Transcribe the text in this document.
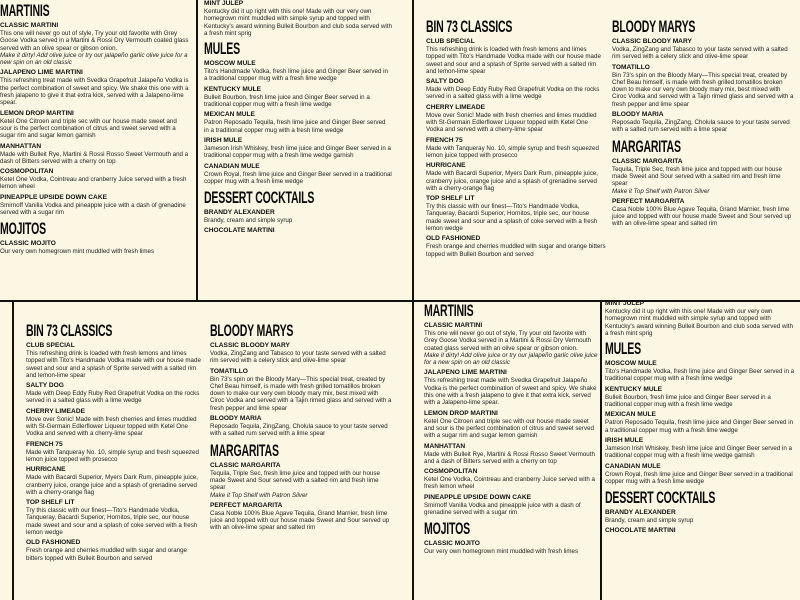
MARTINIS
CLASSIC MARTINI
This one will never go out of style, Try your old favorite with Grey Goose Vodka served in a Martini & Rossi Dry Vermouth coated glass served with an olive spear or gibson onion.
Make it dirty! Add olive juice or try our jalapeño garlic olive juice for a new spin on an old classic
JALAPENO LIME MARTINI
This refreshing treat made with Svedka Grapefruit Jalapeño Vodka is the perfect combination of sweet and spicy. We shake this one with a fresh jalapeno to give it that extra kick, served with a Jalapeno-lime spear.
LEMON DROP MARTINI
Ketel One Citroen and triple sec with our house made sweet and sour is the perfect combination of citrus and sweet served with a sugar rim and sugar lemon garnish
MANHATTAN
Made with Bulleit Rye, Martini & Rossi Rosso Sweet Vermouth and a dash of Bitters served with a cherry on top
COSMOPOLITAN
Ketel One Vodka, Cointreau and cranberry Juice served with a fresh lemon wheel
PINEAPPLE UPSIDE DOWN CAKE
Smirnoff Vanilla Vodka and pineapple juice with a dash of grenadine served with a sugar rim
MOJITOS
CLASSIC MOJITO
Our very own homegrown mint muddled with fresh limes
MINT JULEP
Kentucky did it up right with this one! Made with our very own homegrown mint muddled with simple syrup and topped with Kentucky's award winning Bulleit Bourbon and club soda served with a fresh mint sprig
MULES
MOSCOW MULE
Tito's Handmade Vodka, fresh lime juice and Ginger Beer served in a traditional copper mug with a fresh lime wedge
KENTUCKY MULE
Bulleit Bourbon, fresh lime juice and Ginger Beer served in a traditional copper mug with a fresh lime wedge
MEXICAN MULE
Patron Reposado Tequila, fresh lime juice and Ginger Beer served in a traditional copper mug with a fresh lime wedge
IRISH MULE
Jameson Irish Whiskey, fresh lime juice and Ginger Beer served in a traditional copper mug with a fresh lime wedge garnish
CANADIAN MULE
Crown Royal, fresh lime juice and Ginger Beer served in a traditional copper mug with a fresh lime wedge
DESSERT COCKTAILS
BRANDY ALEXANDER
Brandy, cream and simple syrup
CHOCOLATE MARTINI
BIN 73 CLASSICS
CLUB SPECIAL
This refreshing drink is loaded with fresh lemons and limes topped with Tito's Handmade Vodka made with our house made sweet and sour and a splash of Sprite served with a salted rim and lemon-lime spear
SALTY DOG
Made with Deep Eddy Ruby Red Grapefruit Vodka on the rocks served in a salted glass with a lime wedge
CHERRY LIMEADE
Move over Sonic! Made with fresh cherries and limes muddled with St-Germain Edlerflower Liqueur topped with Ketel One Vodka and served with a cherry-lime spear
FRENCH 75
Made with Tanqueray No. 10, simple syrup and fresh squeezed lemon juice topped with prosecco
HURRICANE
Made with Bacardi Superior, Myers Dark Rum, pineapple juice, cranberry juice, orange juice and a splash of grenadine served with a cherry-orange flag
TOP SHELF LIT
Try this classic with our finest—Tito's Handmade Vodka, Tanqueray, Bacardi Superior, Hornitos, triple sec, our house made sweet and sour and a splash of coke served with a fresh lemon wedge
OLD FASHIONED
Fresh orange and cherries muddled with sugar and orange bitters topped with Bulleit Bourbon and served
BLOODY MARYS
CLASSIC BLOODY MARY
Vodka, ZingZang and Tabasco to your taste served with a salted rim served with a celery stick and olive-lime spear
TOMATILLO
Bin 73's spin on the Bloody Mary—This special treat, created by Chef Beau himself, is made with fresh grilled tomatillos broken down to make our very own bloody mary mix, best mixed with Ciroc Vodka and served with a Tajin rimed glass and served with a fresh pepper and lime spear
BLOODY MARIA
Reposado Tequila, ZingZang, Cholula sauce to your taste served with a salted rum served with a lime spear
MARGARITAS
CLASSIC MARGARITA
Tequila, Triple Sec, fresh lime juice and topped with our house made Sweet and Sour served with a salted rim and fresh lime spear
Make it Top Shelf with Patron Silver
PERFECT MARGARITA
Casa Noble 100% Blue Agave Tequila, Grand Marnier, fresh lime juice and topped with our house made Sweet and Sour served up with an olive-lime spear and salted rim
BIN 73 CLASSICS
CLUB SPECIAL
This refreshing drink is loaded with fresh lemons and limes topped with Tito's Handmade Vodka made with our house made sweet and sour and a splash of Sprite served with a salted rim and lemon-lime spear
SALTY DOG
Made with Deep Eddy Ruby Red Grapefruit Vodka on the rocks served in a salted glass with a lime wedge
CHERRY LIMEADE
Move over Sonic! Made with fresh cherries and limes muddled with St-Germain Edlerflower Liqueur topped with Ketel One Vodka and served with a cherry-lime spear
FRENCH 75
Made with Tanqueray No. 10, simple syrup and fresh squeezed lemon juice topped with prosecco
HURRICANE
Made with Bacardi Superior, Myers Dark Rum, pineapple juice, cranberry juice, orange juice and a splash of grenadine served with a cherry-orange flag
TOP SHELF LIT
Try this classic with our finest—Tito's Handmade Vodka, Tanqueray, Bacardi Superior, Hornitos, triple sec, our house made sweet and sour and a splash of coke served with a fresh lemon wedge
OLD FASHIONED
Fresh orange and cherries muddled with sugar and orange bitters topped with Bulleit Bourbon and served
BLOODY MARYS
CLASSIC BLOODY MARY
Vodka, ZingZang and Tabasco to your taste served with a salted rim served with a celery stick and olive-lime spear
TOMATILLO
Bin 73's spin on the Bloody Mary—This special treat, created by Chef Beau himself, is made with fresh grilled tomatillos broken down to make our very own bloody mary mix, best mixed with Ciroc Vodka and served with a Tajin rimed glass and served with a fresh pepper and lime spear
BLOODY MARIA
Reposado Tequila, ZingZang, Cholula sauce to your taste served with a salted rum served with a lime spear
MARGARITAS
CLASSIC MARGARITA
Tequila, Triple Sec, fresh lime juice and topped with our house made Sweet and Sour served with a salted rim and fresh lime spear
Make it Top Shelf with Patron Silver
PERFECT MARGARITA
Casa Noble 100% Blue Agave Tequila, Grand Marnier, fresh lime juice and topped with our house made Sweet and Sour served up with an olive-lime spear and salted rim
MARTINIS
CLASSIC MARTINI
This one will never go out of style, Try your old favorite with Grey Goose Vodka served in a Martini & Rossi Dry Vermouth coated glass served with an olive spear or gibson onion.
Make it dirty! Add olive juice or try our jalapeño garlic olive juice for a new spin on an old classic
JALAPENO LIME MARTINI
This refreshing treat made with Svedka Grapefruit Jalapeño Vodka is the perfect combination of sweet and spicy. We shake this one with a fresh jalapeno to give it that extra kick, served with a Jalapeno-lime spear.
LEMON DROP MARTINI
Ketel One Citroen and triple sec with our house made sweet and sour is the perfect combination of citrus and sweet served with a sugar rim and sugar lemon garnish
MANHATTAN
Made with Bulleit Rye, Martini & Rossi Rosso Sweet Vermouth and a dash of Bitters served with a cherry on top
COSMOPOLITAN
Ketel One Vodka, Cointreau and cranberry Juice served with a fresh lemon wheel
PINEAPPLE UPSIDE DOWN CAKE
Smirnoff Vanilla Vodka and pineapple juice with a dash of grenadine served with a sugar rim
MOJITOS
CLASSIC MOJITO
Our very own homegrown mint muddled with fresh limes
MINT JULEP
Kentucky did it up right with this one! Made with our very own homegrown mint muddled with simple syrup and topped with Kentucky's award winning Bulleit Bourbon and club soda served with a fresh mint sprig
MULES
MOSCOW MULE
Tito's Handmade Vodka, fresh lime juice and Ginger Beer served in a traditional copper mug with a fresh lime wedge
KENTUCKY MULE
Bulleit Bourbon, fresh lime juice and Ginger Beer served in a traditional copper mug with a fresh lime wedge
MEXICAN MULE
Patron Reposado Tequila, fresh lime juice and Ginger Beer served in a traditional copper mug with a fresh lime wedge
IRISH MULE
Jameson Irish Whiskey, fresh lime juice and Ginger Beer served in a traditional copper mug with a fresh lime wedge garnish
CANADIAN MULE
Crown Royal, fresh lime juice and Ginger Beer served in a traditional copper mug with a fresh lime wedge
DESSERT COCKTAILS
BRANDY ALEXANDER
Brandy, cream and simple syrup
CHOCOLATE MARTINI
